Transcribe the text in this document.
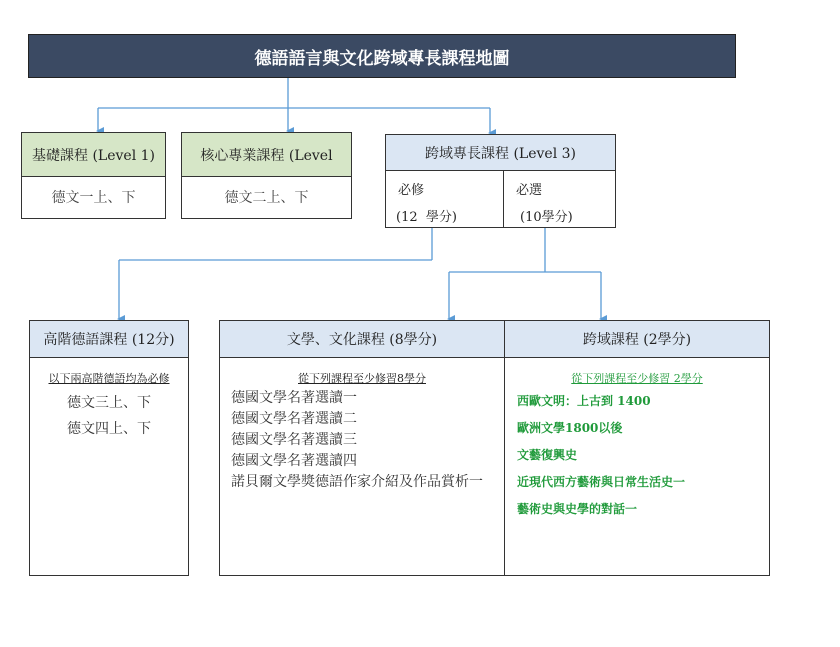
德語語言與文化跨域專長課程地圖
基礎課程 (Level 1)
德文一上、下
核心專業課程 (Level
德文二上、下
跨域專長課程 (Level 3)
必修
(12  學分)
必選
(10學分)
高階德語課程 (12分)
以下兩高階德語均為必修
德文三上、下
德文四上、下
文學、文化課程 (8學分)
從下列課程至少修習8學分
德國文學名著選讀一
德國文學名著選讀二
德國文學名著選讀三
德國文學名著選讀四
諾貝爾文學獎德語作家介紹及作品賞析一
跨域課程 (2學分)
從下列課程至少修習 2學分
西歐文明：上古到 1400
歐洲文學1800以後
文藝復興史
近現代西方藝術與日常生活史一
藝術史與史學的對話一
